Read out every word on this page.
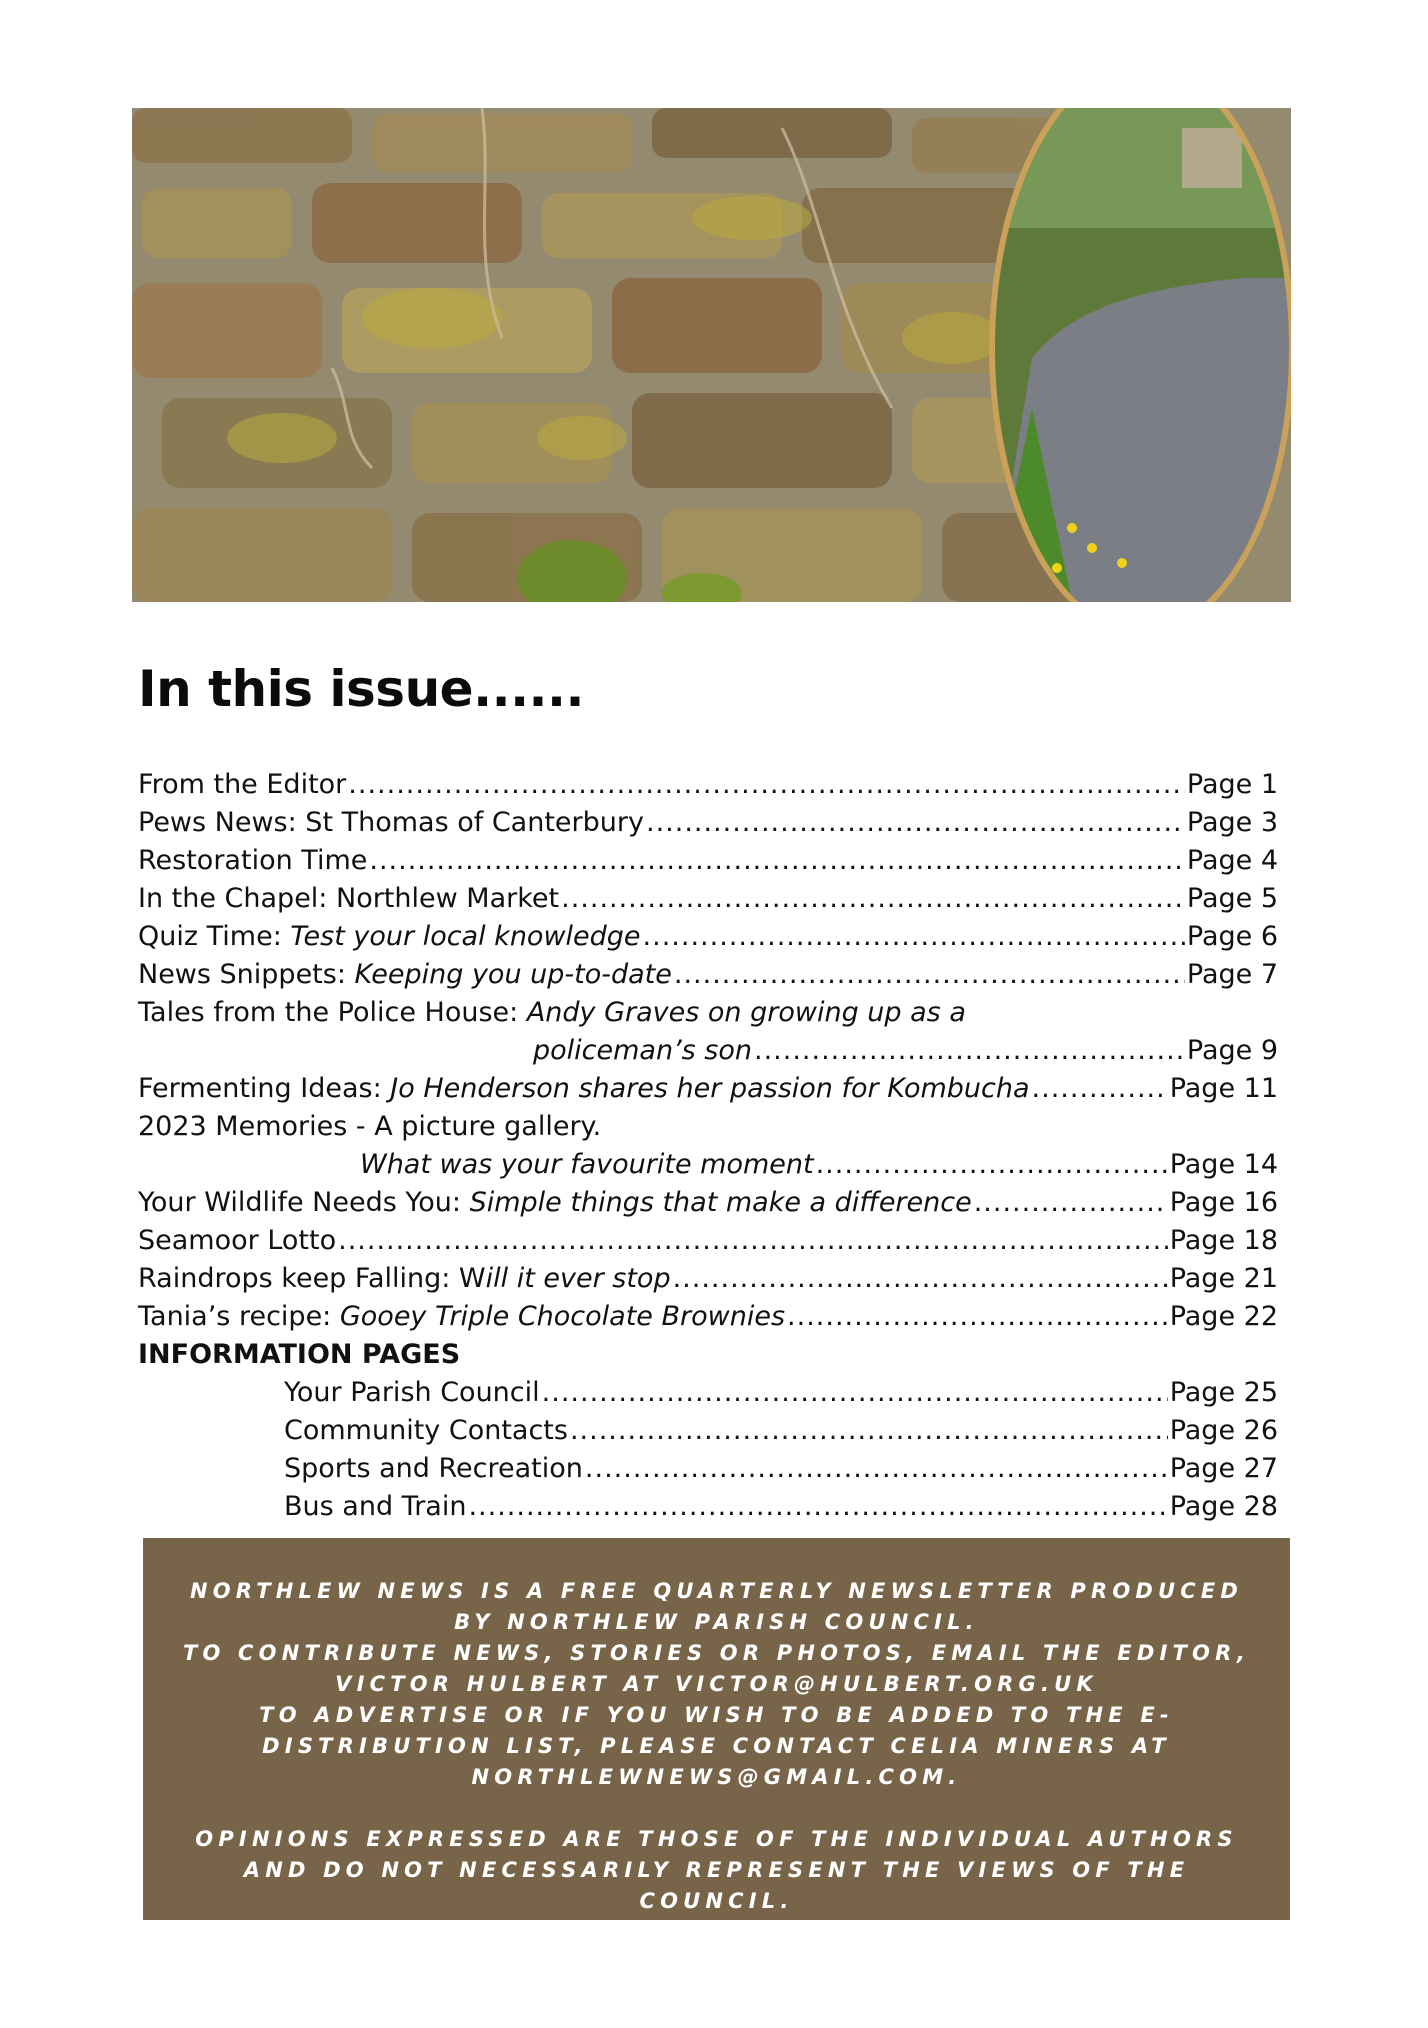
In this issue......
From the Editor .....	Page 1
Pews News: St Thomas of Canterbury .....	Page 3
Restoration Time .....	Page 4
In the Chapel: Northlew Market .....	Page 5
Quiz Time: Test your local knowledge .....	Page 6
News Snippets: Keeping you up-to-date .....	Page 7
Tales from the Police House: Andy Graves on growing up as a
policeman’s son .....	Page 9
Fermenting Ideas: Jo Henderson shares her passion for Kombucha .....	Page 11
2023 Memories - A picture gallery.
What was your favourite moment .....	Page 14
Your Wildlife Needs You: Simple things that make a difference .....	Page 16
Seamoor Lotto .....	Page 18
Raindrops keep Falling: Will it ever stop .....	Page 21
Tania’s recipe: Gooey Triple Chocolate Brownies .....	Page 22
INFORMATION PAGES
Your Parish Council .....	Page 25
Community Contacts .....	Page 26
Sports and Recreation .....	Page 27
Bus and Train .....	Page 28

NORTHLEW NEWS IS A FREE QUARTERLY NEWSLETTER PRODUCED BY NORTHLEW PARISH COUNCIL.

TO CONTRIBUTE NEWS, STORIES OR PHOTOS, EMAIL THE EDITOR, VICTOR HULBERT AT VICTOR@HULBERT.ORG.UK

TO ADVERTISE OR IF YOU WISH TO BE ADDED TO THE E-DISTRIBUTION LIST, PLEASE CONTACT CELIA MINERS AT NORTHLEWNEWS@GMAIL.COM.

OPINIONS EXPRESSED ARE THOSE OF THE INDIVIDUAL AUTHORS AND DO NOT NECESSARILY REPRESENT THE VIEWS OF THE COUNCIL.

ALL PHOTOS ARE BY THE EDITOR UNLESS OTHERWISE STATED.
